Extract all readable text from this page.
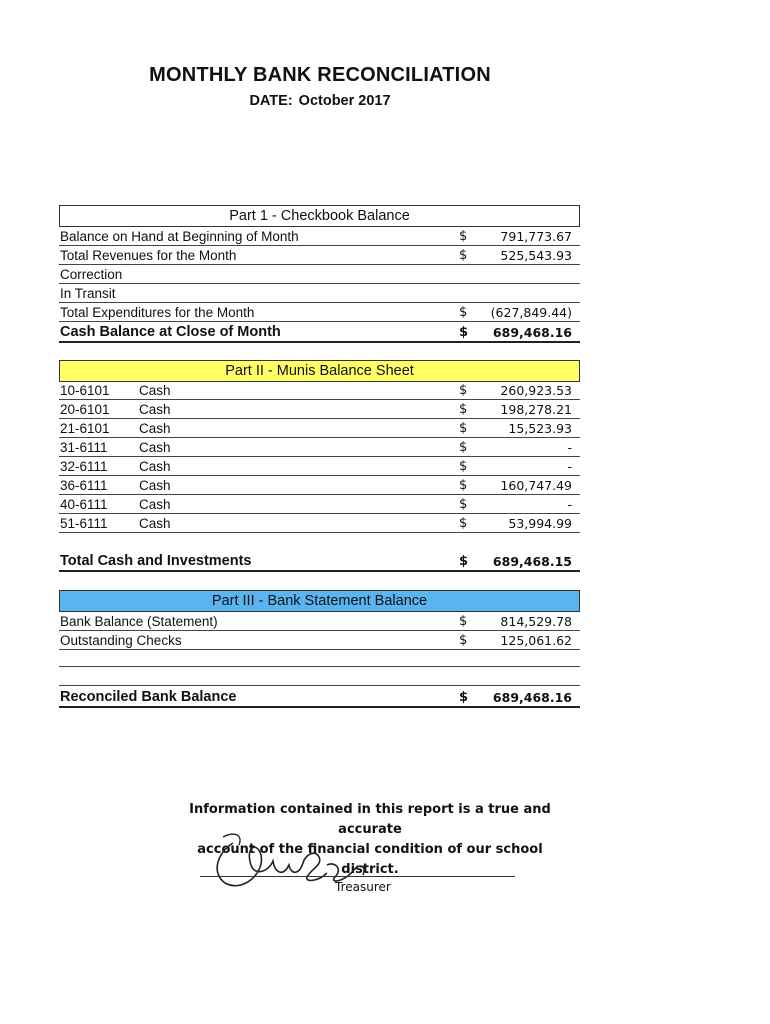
MONTHLY BANK RECONCILIATION
DATE: October 2017
Part 1 - Checkbook Balance
Balance on Hand at Beginning of Month	$	791,773.67
Total Revenues for the Month	$	525,543.93
Correction
In Transit
Total Expenditures for the Month	$ (627,849.44)
Cash Balance at Close of Month	$ 689,468.16
Part II - Munis Balance Sheet
10-6101 Cash	$	260,923.53
20-6101 Cash	$	198,278.21
21-6101 Cash	$	15,523.93
31-6111 Cash	$	-
32-6111 Cash	$	-
36-6111 Cash	$	160,747.49
40-6111 Cash	$	-
51-6111 Cash	$	53,994.99
Total Cash and Investments	$ 689,468.15
Part III - Bank Statement Balance
Bank Balance (Statement)	$	814,529.78
Outstanding Checks	$	125,061.62
Reconciled Bank Balance	$ 689,468.16
Information contained in this report is a true and accurate
account of the financial condition of our school district.
Treasurer
